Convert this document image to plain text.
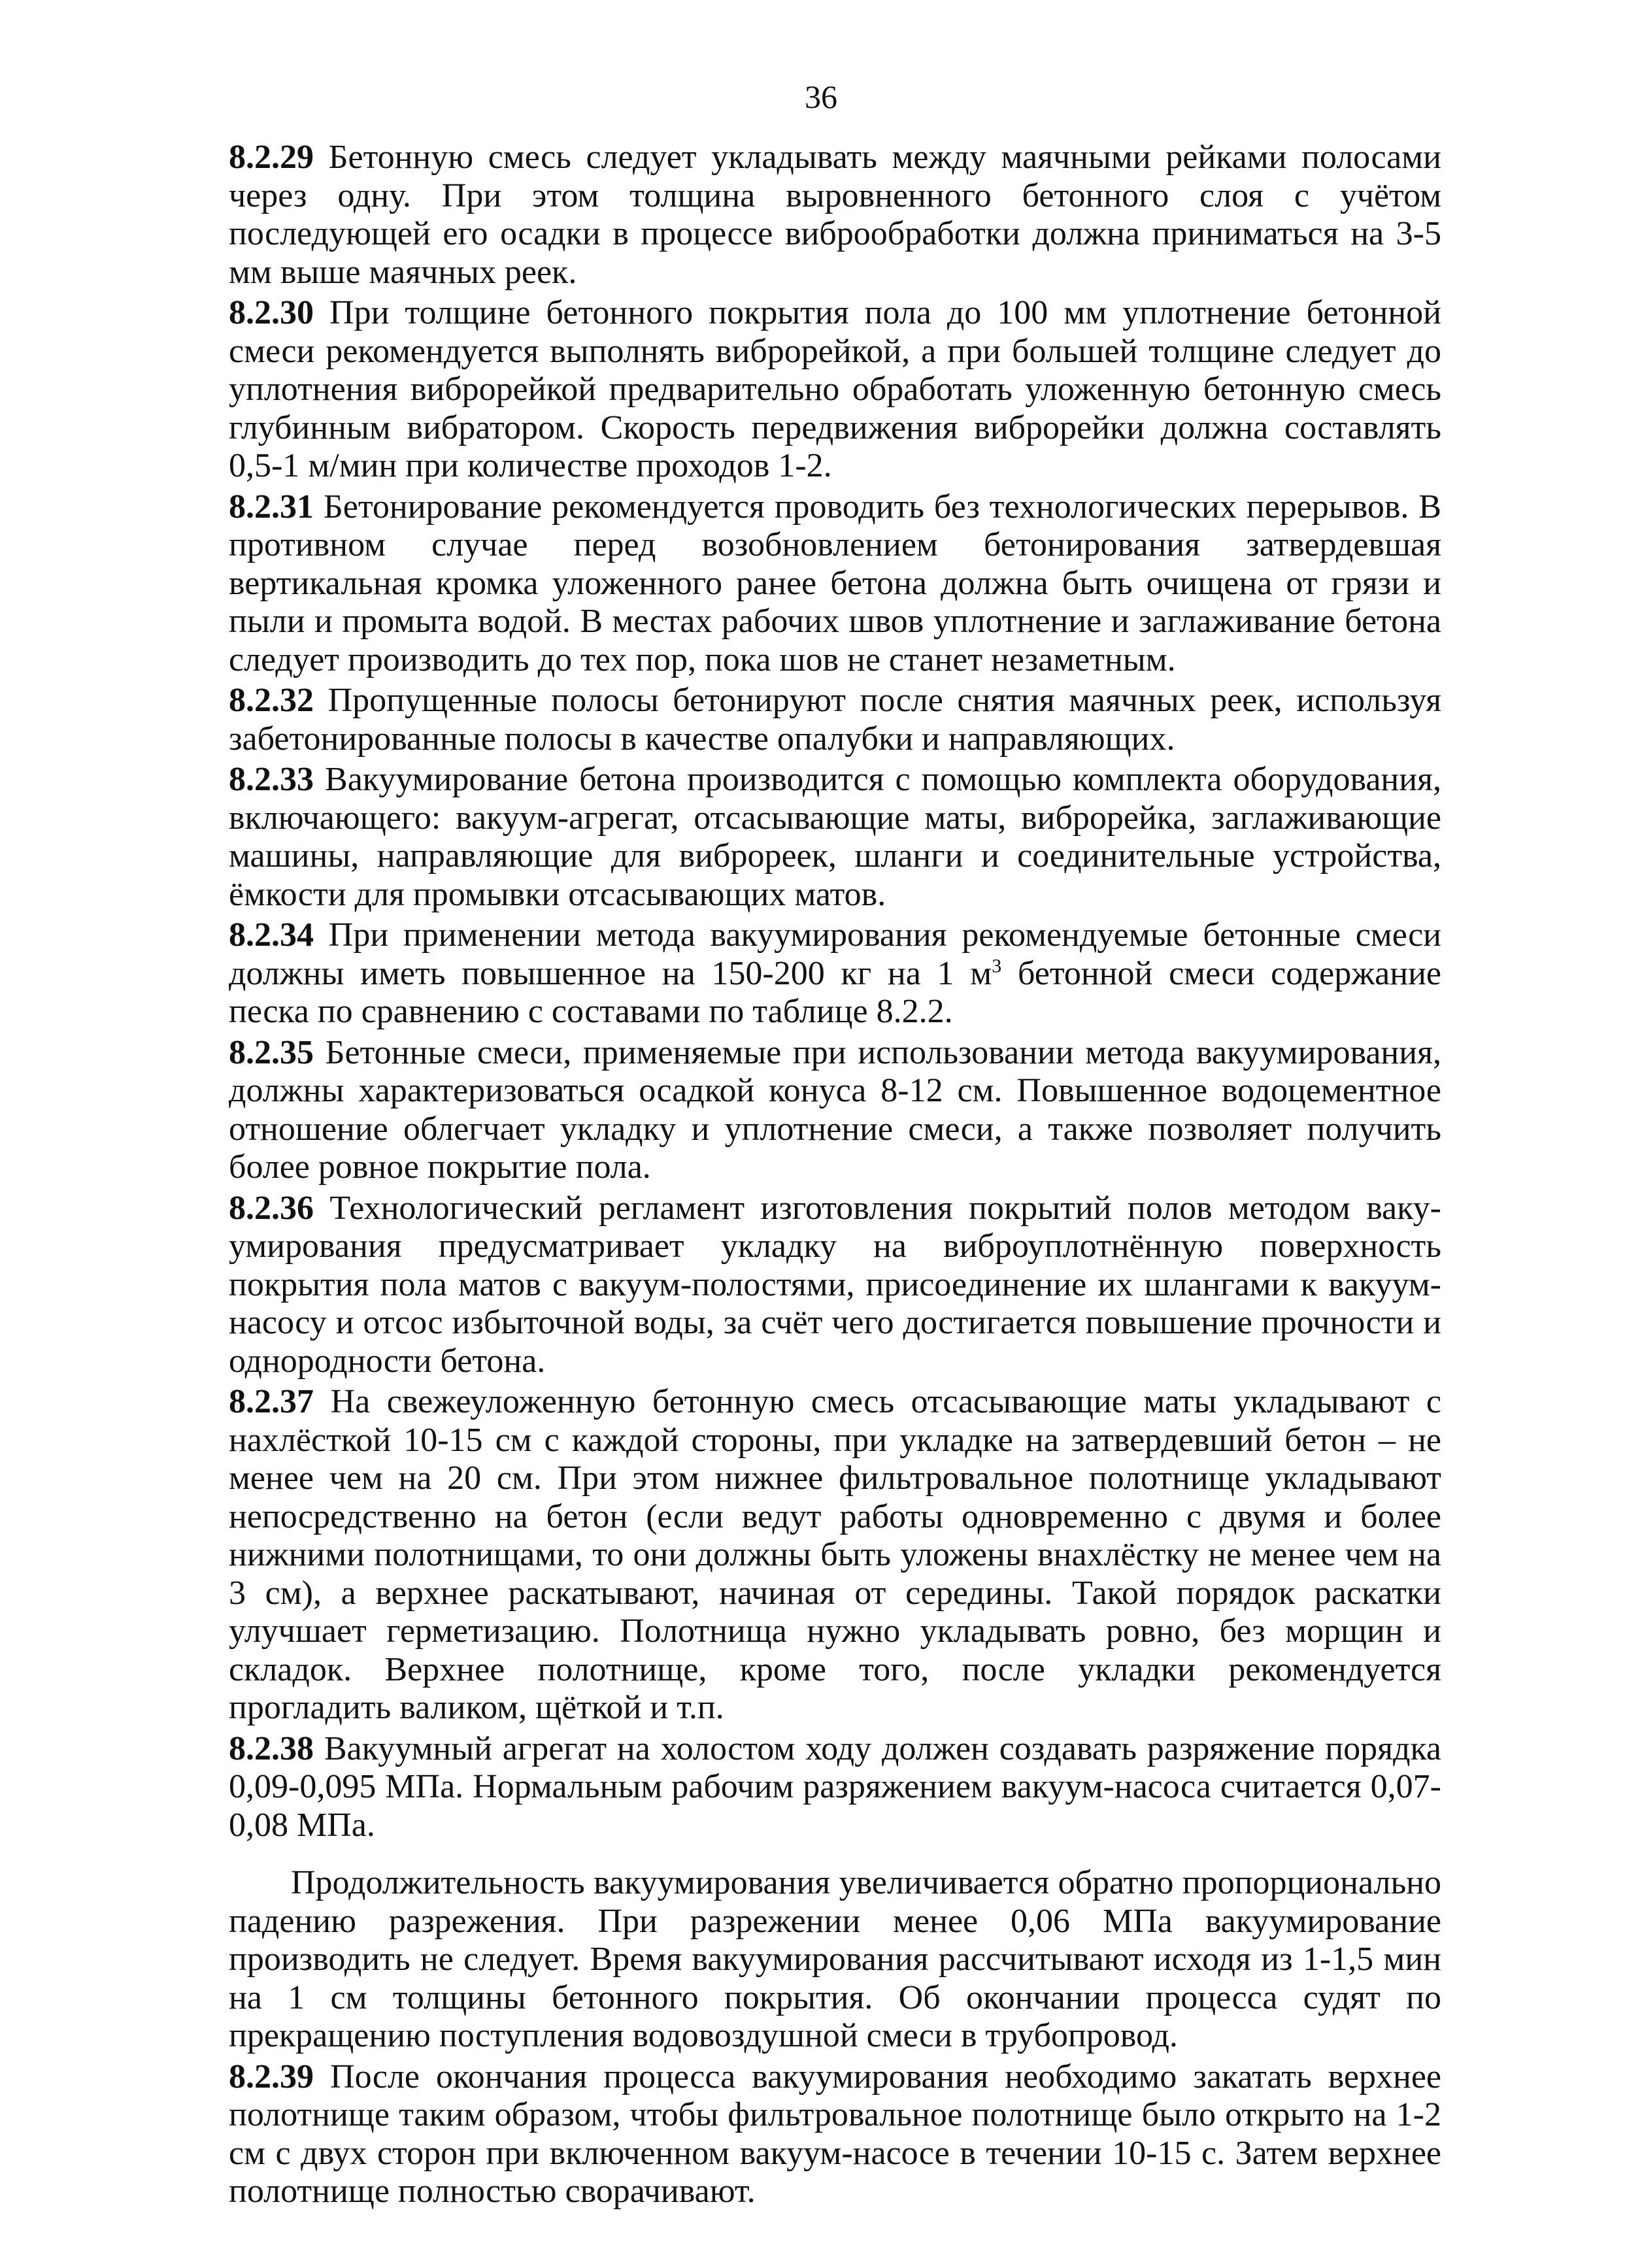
36

8.2.29 Бетонную смесь следует укладывать между маячными рейками полосами через одну. При этом толщина выровненного бетонного слоя с учётом последующей его осадки в процессе виброобработки должна приниматься на 3-5 мм выше маячных реек.

8.2.30 При толщине бетонного покрытия пола до 100 мм уплотнение бетонной смеси рекомендуется выполнять виброрейкой, а при большей толщине следует до уплотнения виброрейкой предварительно обработать уложенную бетонную смесь глубинным вибратором. Скорость передвижения виброрейки должна составлять 0,5-1 м/мин при количестве проходов 1-2.

8.2.31 Бетонирование рекомендуется проводить без технологических перерывов. В противном случае перед возобновлением бетонирования затвердевшая вертикальная кромка уложенного ранее бетона должна быть очищена от грязи и пыли и промыта водой. В местах рабочих швов уплотнение и заглаживание бетона следует производить до тех пор, пока шов не станет незаметным.

8.2.32 Пропущенные полосы бетонируют после снятия маячных реек, используя забетонированные полосы в качестве опалубки и направляющих.

8.2.33 Вакуумирование бетона производится с помощью комплекта оборудования, включающего: вакуум-агрегат, отсасывающие маты, виброрейка, заглаживающие машины, направляющие для виброреек, шланги и соединительные устройства, ёмкости для промывки отсасывающих матов.

8.2.34 При применении метода вакуумирования рекомендуемые бетонные смеси должны иметь повышенное на 150-200 кг на 1 $м^3$ бетонной смеси содержание песка по сравнению с составами по таблице 8.2.2.

8.2.35 Бетонные смеси, применяемые при использовании метода вакуумирования, должны характеризоваться осадкой конуса 8-12 см. Повышенное водоцементное отношение облегчает укладку и уплотнение смеси, а также позволяет получить более ровное покрытие пола.

8.2.36 Технологический регламент изготовления покрытий полов методом вакуумирования предусматривает укладку на виброуплотнённую поверхность покрытия пола матов с вакуум-полостями, присоединение их шлангами к вакуум-насосу и отсос избыточной воды, за счёт чего достигается повышение прочности и однородности бетона.

8.2.37 На свежеуложенную бетонную смесь отсасывающие маты укладывают с нахлёсткой 10-15 см с каждой стороны, при укладке на затвердевший бетон – не менее чем на 20 см. При этом нижнее фильтровальное полотнище укладывают непосредственно на бетон (если ведут работы одновременно с двумя и более нижними полотнищами, то они должны быть уложены внахлёстку не менее чем на 3 см), а верхнее раскатывают, начиная от середины. Такой порядок раскатки улучшает герметизацию. Полотнища нужно укладывать ровно, без морщин и складок. Верхнее полотнище, кроме того, после укладки рекомендуется прогладить валиком, щёткой и т.п.

8.2.38 Вакуумный агрегат на холостом ходу должен создавать разряжение порядка 0,09-0,095 МПа. Нормальным рабочим разряжением вакуум-насоса считается 0,07-0,08 МПа.

Продолжительность вакуумирования увеличивается обратно пропорционально падению разрежения. При разрежении менее 0,06 МПа вакуумирование производить не следует. Время вакуумирования рассчитывают исходя из 1-1,5 мин на 1 см толщины бетонного покрытия. Об окончании процесса судят по прекращению поступления водовоздушной смеси в трубопровод.

8.2.39 После окончания процесса вакуумирования необходимо закатать верхнее полотнище таким образом, чтобы фильтровальное полотнище было открыто на 1-2 см с двух сторон при включенном вакуум-насосе в течении 10-15 с. Затем верхнее полотнище полностью сворачивают.
